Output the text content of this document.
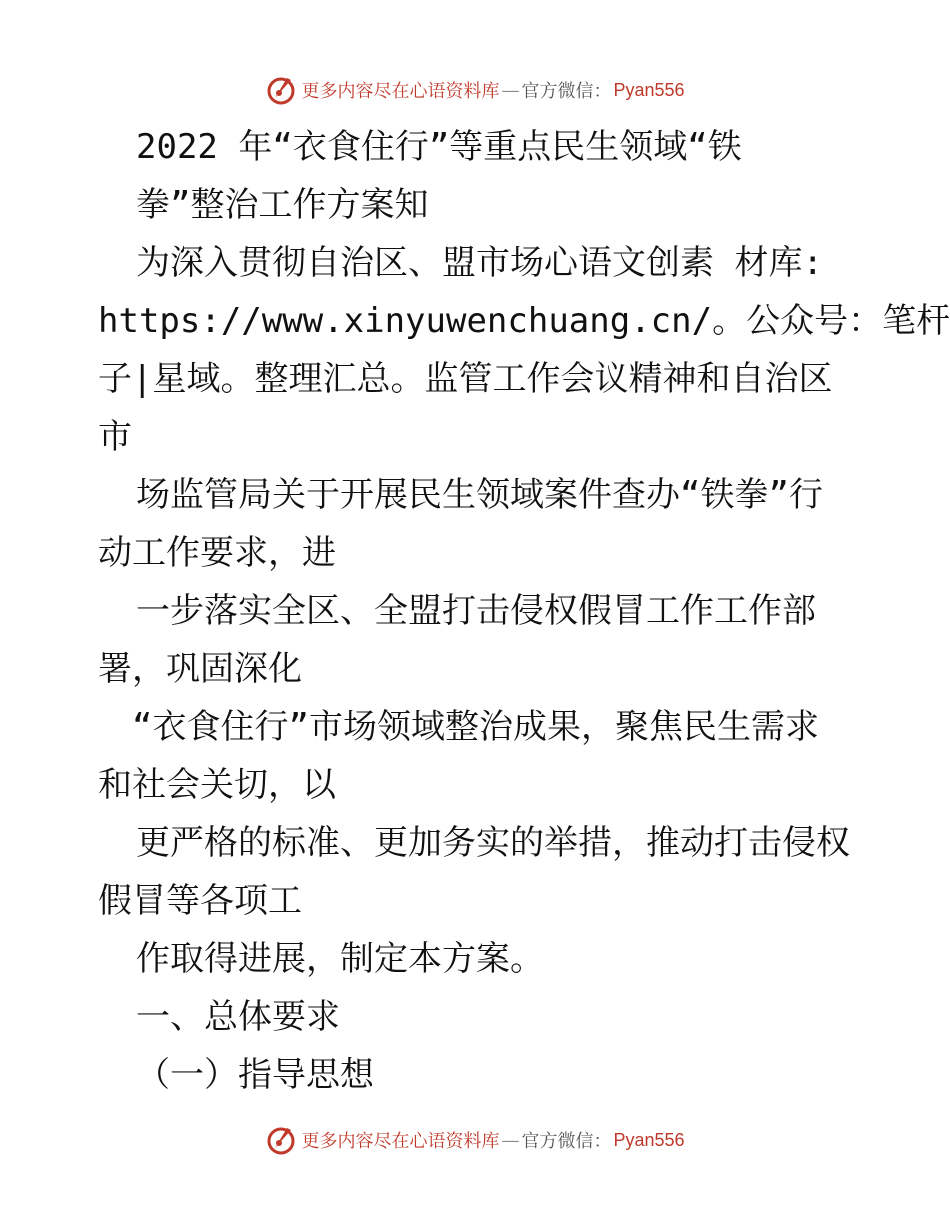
更多内容尽在心语资料库 — 官方微信： Pyan556
2022 年“衣食住行”等重点民生领域“铁
拳”整治工作方案知
为深入贯彻自治区、盟市场心语文创素 材库:
https://www.xinyuwenchuang.cn/。公众号：笔杆
子|星域。整理汇总。监管工作会议精神和自治区
市
场监管局关于开展民生领域案件查办“铁拳”行
动工作要求，进
一步落实全区、全盟打击侵权假冒工作工作部
署，巩固深化
“衣食住行”市场领域整治成果，聚焦民生需求
和社会关切，以
更严格的标准、更加务实的举措，推动打击侵权
假冒等各项工
作取得进展，制定本方案。
一、总体要求
（一）指导思想
更多内容尽在心语资料库 — 官方微信： Pyan556
